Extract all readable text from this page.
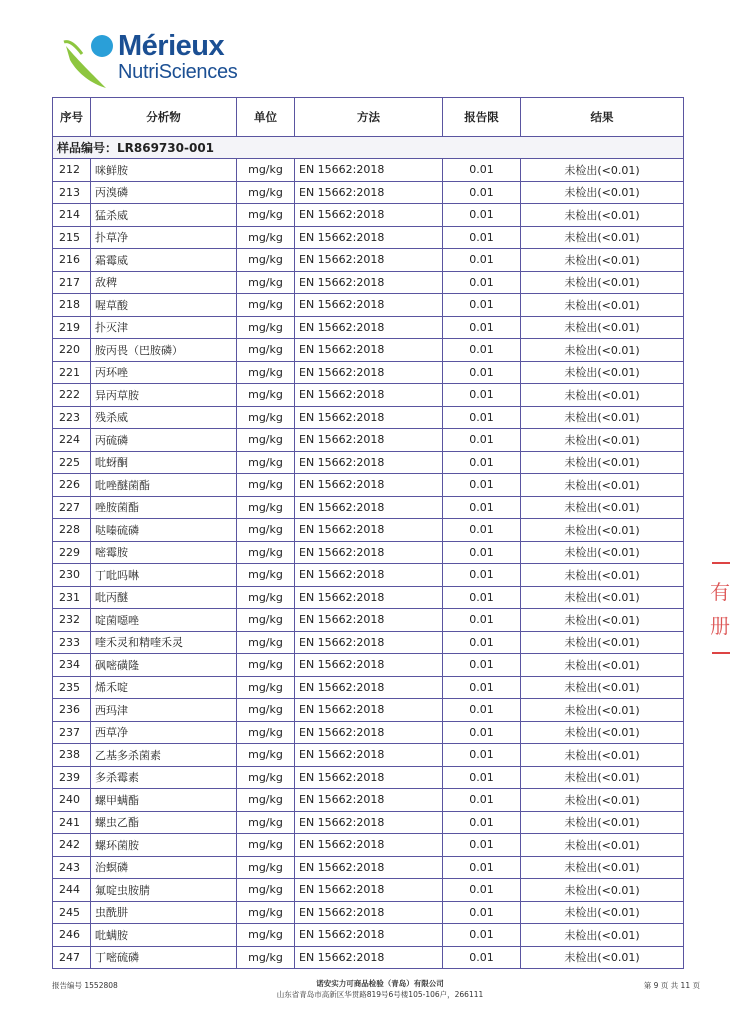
Mérieux
NutriSciences
序号	分析物	单位	方法	报告限	结果
样品编号：LR869730-001					
212	咪鲜胺	mg/kg	EN 15662:2018	0.01	未检出(<0.01)
213	丙溴磷	mg/kg	EN 15662:2018	0.01	未检出(<0.01)
214	猛杀威	mg/kg	EN 15662:2018	0.01	未检出(<0.01)
215	扑草净	mg/kg	EN 15662:2018	0.01	未检出(<0.01)
216	霜霉威	mg/kg	EN 15662:2018	0.01	未检出(<0.01)
217	敌稗	mg/kg	EN 15662:2018	0.01	未检出(<0.01)
218	喔草酸	mg/kg	EN 15662:2018	0.01	未检出(<0.01)
219	扑灭津	mg/kg	EN 15662:2018	0.01	未检出(<0.01)
220	胺丙畏（巴胺磷）	mg/kg	EN 15662:2018	0.01	未检出(<0.01)
221	丙环唑	mg/kg	EN 15662:2018	0.01	未检出(<0.01)
222	异丙草胺	mg/kg	EN 15662:2018	0.01	未检出(<0.01)
223	残杀威	mg/kg	EN 15662:2018	0.01	未检出(<0.01)
224	丙硫磷	mg/kg	EN 15662:2018	0.01	未检出(<0.01)
225	吡蚜酮	mg/kg	EN 15662:2018	0.01	未检出(<0.01)
226	吡唑醚菌酯	mg/kg	EN 15662:2018	0.01	未检出(<0.01)
227	唑胺菌酯	mg/kg	EN 15662:2018	0.01	未检出(<0.01)
228	哒嗪硫磷	mg/kg	EN 15662:2018	0.01	未检出(<0.01)
229	嘧霉胺	mg/kg	EN 15662:2018	0.01	未检出(<0.01)
230	丁吡吗啉	mg/kg	EN 15662:2018	0.01	未检出(<0.01)
231	吡丙醚	mg/kg	EN 15662:2018	0.01	未检出(<0.01)
232	啶菌噁唑	mg/kg	EN 15662:2018	0.01	未检出(<0.01)
233	喹禾灵和精喹禾灵	mg/kg	EN 15662:2018	0.01	未检出(<0.01)
234	砜嘧磺隆	mg/kg	EN 15662:2018	0.01	未检出(<0.01)
235	烯禾啶	mg/kg	EN 15662:2018	0.01	未检出(<0.01)
236	西玛津	mg/kg	EN 15662:2018	0.01	未检出(<0.01)
237	西草净	mg/kg	EN 15662:2018	0.01	未检出(<0.01)
238	乙基多杀菌素	mg/kg	EN 15662:2018	0.01	未检出(<0.01)
239	多杀霉素	mg/kg	EN 15662:2018	0.01	未检出(<0.01)
240	螺甲螨酯	mg/kg	EN 15662:2018	0.01	未检出(<0.01)
241	螺虫乙酯	mg/kg	EN 15662:2018	0.01	未检出(<0.01)
242	螺环菌胺	mg/kg	EN 15662:2018	0.01	未检出(<0.01)
243	治螟磷	mg/kg	EN 15662:2018	0.01	未检出(<0.01)
244	氟啶虫胺腈	mg/kg	EN 15662:2018	0.01	未检出(<0.01)
245	虫酰肼	mg/kg	EN 15662:2018	0.01	未检出(<0.01)
246	吡螨胺	mg/kg	EN 15662:2018	0.01	未检出(<0.01)
247	丁嘧硫磷	mg/kg	EN 15662:2018	0.01	未检出(<0.01)
有
册
报告编号 1552808	诺安实力可商品检验（青岛）有限公司
山东省青岛市高新区华贯路819号6号楼105-106户，266111
第 9 页 共 11 页
